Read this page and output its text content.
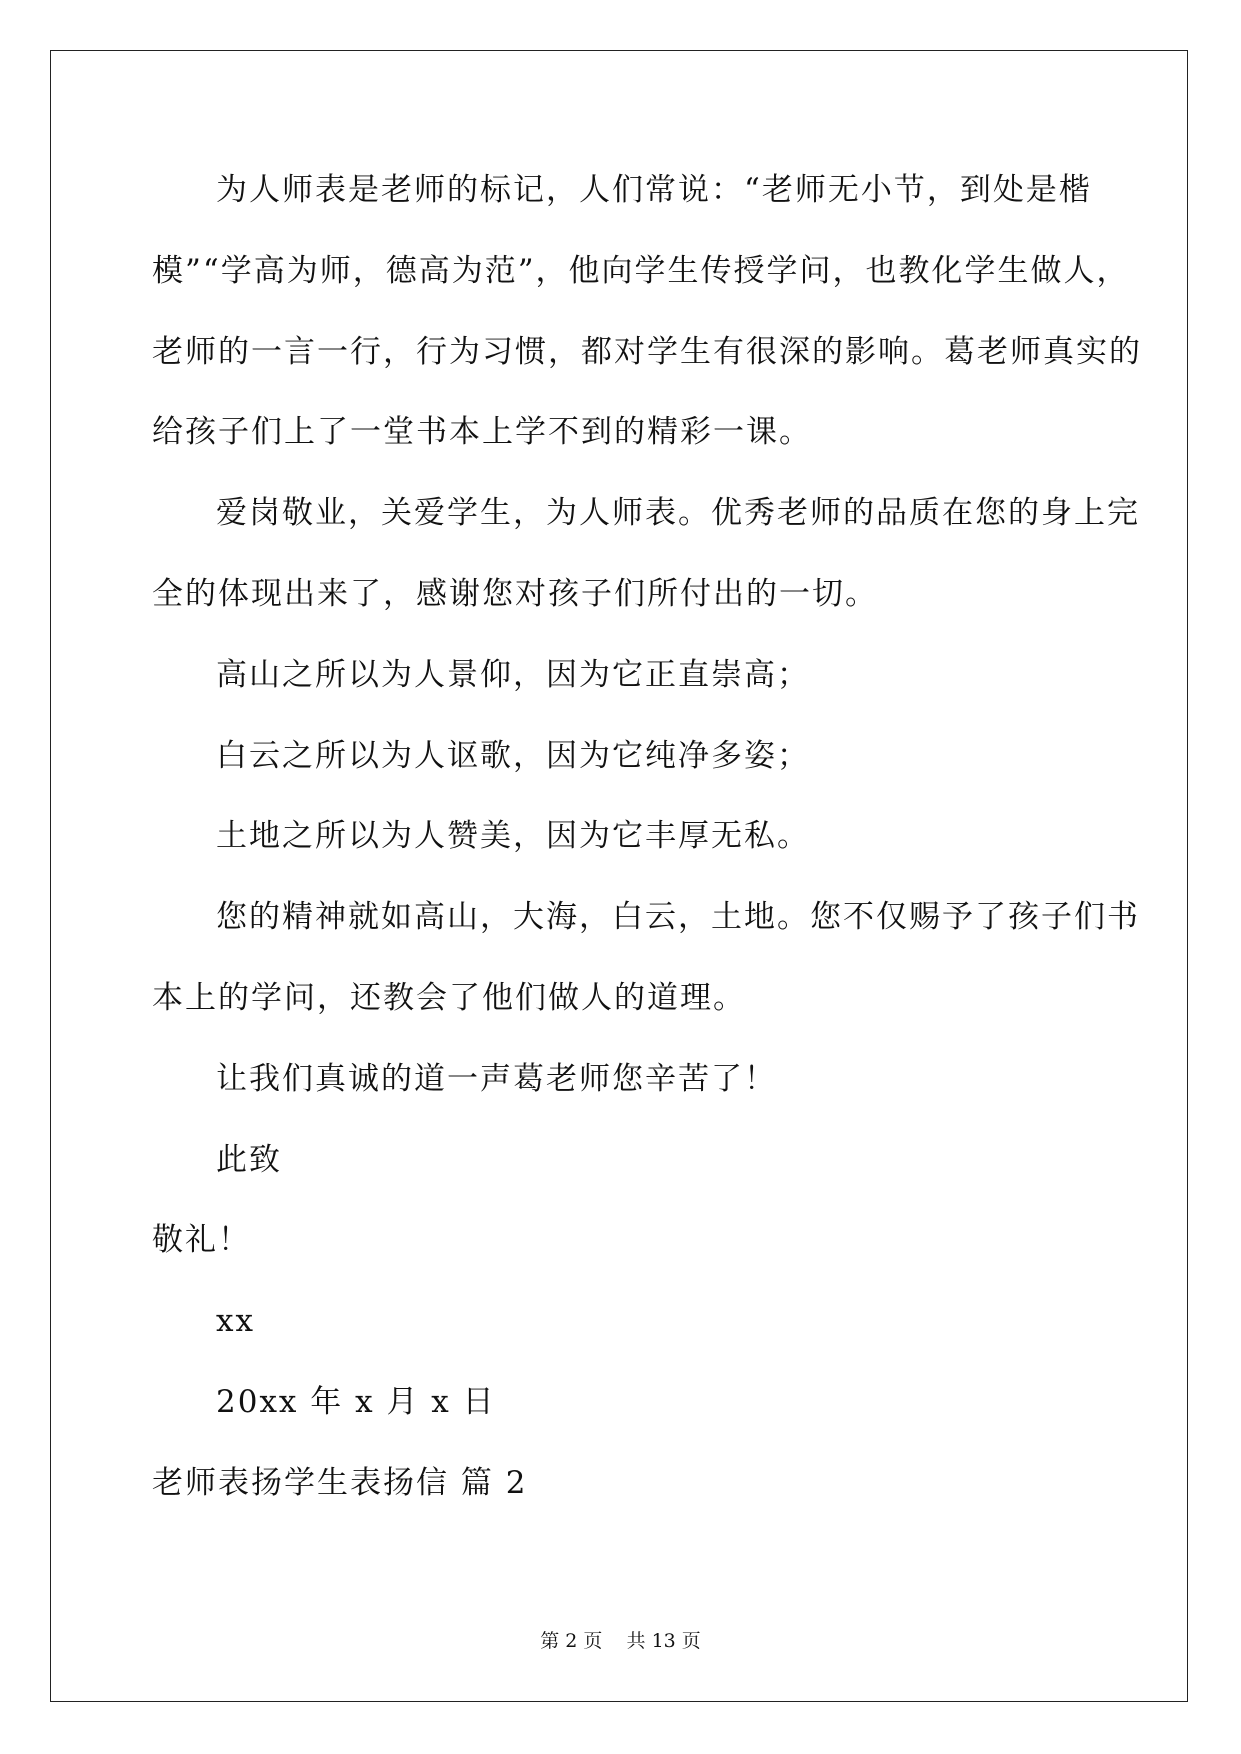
为人师表是老师的标记，人们常说：“老师无小节，到处是楷
模”“学高为师，德高为范”，他向学生传授学问，也教化学生做人，
老师的一言一行，行为习惯，都对学生有很深的影响。葛老师真实的
给孩子们上了一堂书本上学不到的精彩一课。
爱岗敬业，关爱学生，为人师表。优秀老师的品质在您的身上完
全的体现出来了，感谢您对孩子们所付出的一切。
高山之所以为人景仰，因为它正直崇高；
白云之所以为人讴歌，因为它纯净多姿；
土地之所以为人赞美，因为它丰厚无私。
您的精神就如高山，大海，白云，土地。您不仅赐予了孩子们书
本上的学问，还教会了他们做人的道理。
让我们真诚的道一声葛老师您辛苦了！
此致
敬礼！
xx
20xx 年 x 月 x 日
老师表扬学生表扬信 篇 2
第 2 页 共 13 页
